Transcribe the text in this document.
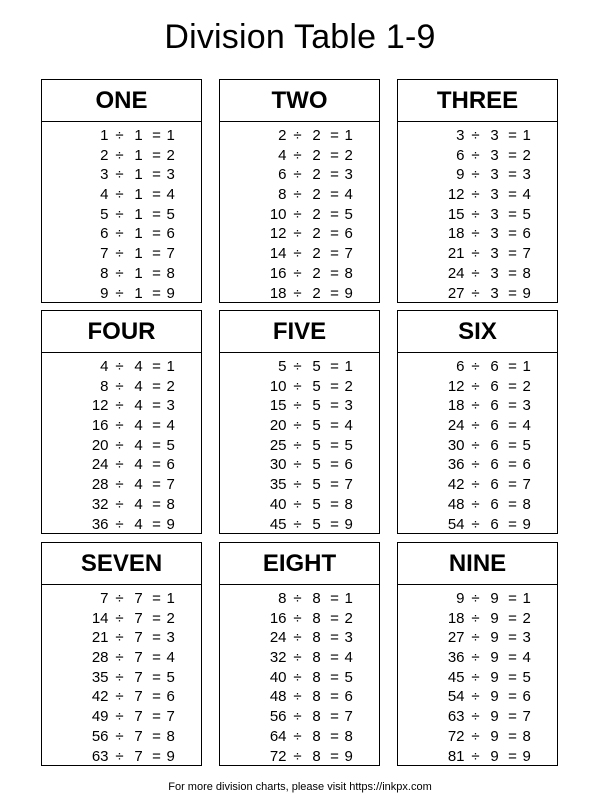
Division Table 1-9
ONE
1 ÷ 1 = 1
2 ÷ 1 = 2
3 ÷ 1 = 3
4 ÷ 1 = 4
5 ÷ 1 = 5
6 ÷ 1 = 6
7 ÷ 1 = 7
8 ÷ 1 = 8
9 ÷ 1 = 9
TWO
2 ÷ 2 = 1
4 ÷ 2 = 2
6 ÷ 2 = 3
8 ÷ 2 = 4
10 ÷ 2 = 5
12 ÷ 2 = 6
14 ÷ 2 = 7
16 ÷ 2 = 8
18 ÷ 2 = 9
THREE
3 ÷ 3 = 1
6 ÷ 3 = 2
9 ÷ 3 = 3
12 ÷ 3 = 4
15 ÷ 3 = 5
18 ÷ 3 = 6
21 ÷ 3 = 7
24 ÷ 3 = 8
27 ÷ 3 = 9
FOUR
4 ÷ 4 = 1
8 ÷ 4 = 2
12 ÷ 4 = 3
16 ÷ 4 = 4
20 ÷ 4 = 5
24 ÷ 4 = 6
28 ÷ 4 = 7
32 ÷ 4 = 8
36 ÷ 4 = 9
FIVE
5 ÷ 5 = 1
10 ÷ 5 = 2
15 ÷ 5 = 3
20 ÷ 5 = 4
25 ÷ 5 = 5
30 ÷ 5 = 6
35 ÷ 5 = 7
40 ÷ 5 = 8
45 ÷ 5 = 9
SIX
6 ÷ 6 = 1
12 ÷ 6 = 2
18 ÷ 6 = 3
24 ÷ 6 = 4
30 ÷ 6 = 5
36 ÷ 6 = 6
42 ÷ 6 = 7
48 ÷ 6 = 8
54 ÷ 6 = 9
SEVEN
7 ÷ 7 = 1
14 ÷ 7 = 2
21 ÷ 7 = 3
28 ÷ 7 = 4
35 ÷ 7 = 5
42 ÷ 7 = 6
49 ÷ 7 = 7
56 ÷ 7 = 8
63 ÷ 7 = 9
EIGHT
8 ÷ 8 = 1
16 ÷ 8 = 2
24 ÷ 8 = 3
32 ÷ 8 = 4
40 ÷ 8 = 5
48 ÷ 8 = 6
56 ÷ 8 = 7
64 ÷ 8 = 8
72 ÷ 8 = 9
NINE
9 ÷ 9 = 1
18 ÷ 9 = 2
27 ÷ 9 = 3
36 ÷ 9 = 4
45 ÷ 9 = 5
54 ÷ 9 = 6
63 ÷ 9 = 7
72 ÷ 9 = 8
81 ÷ 9 = 9
For more division charts, please visit https://inkpx.com
